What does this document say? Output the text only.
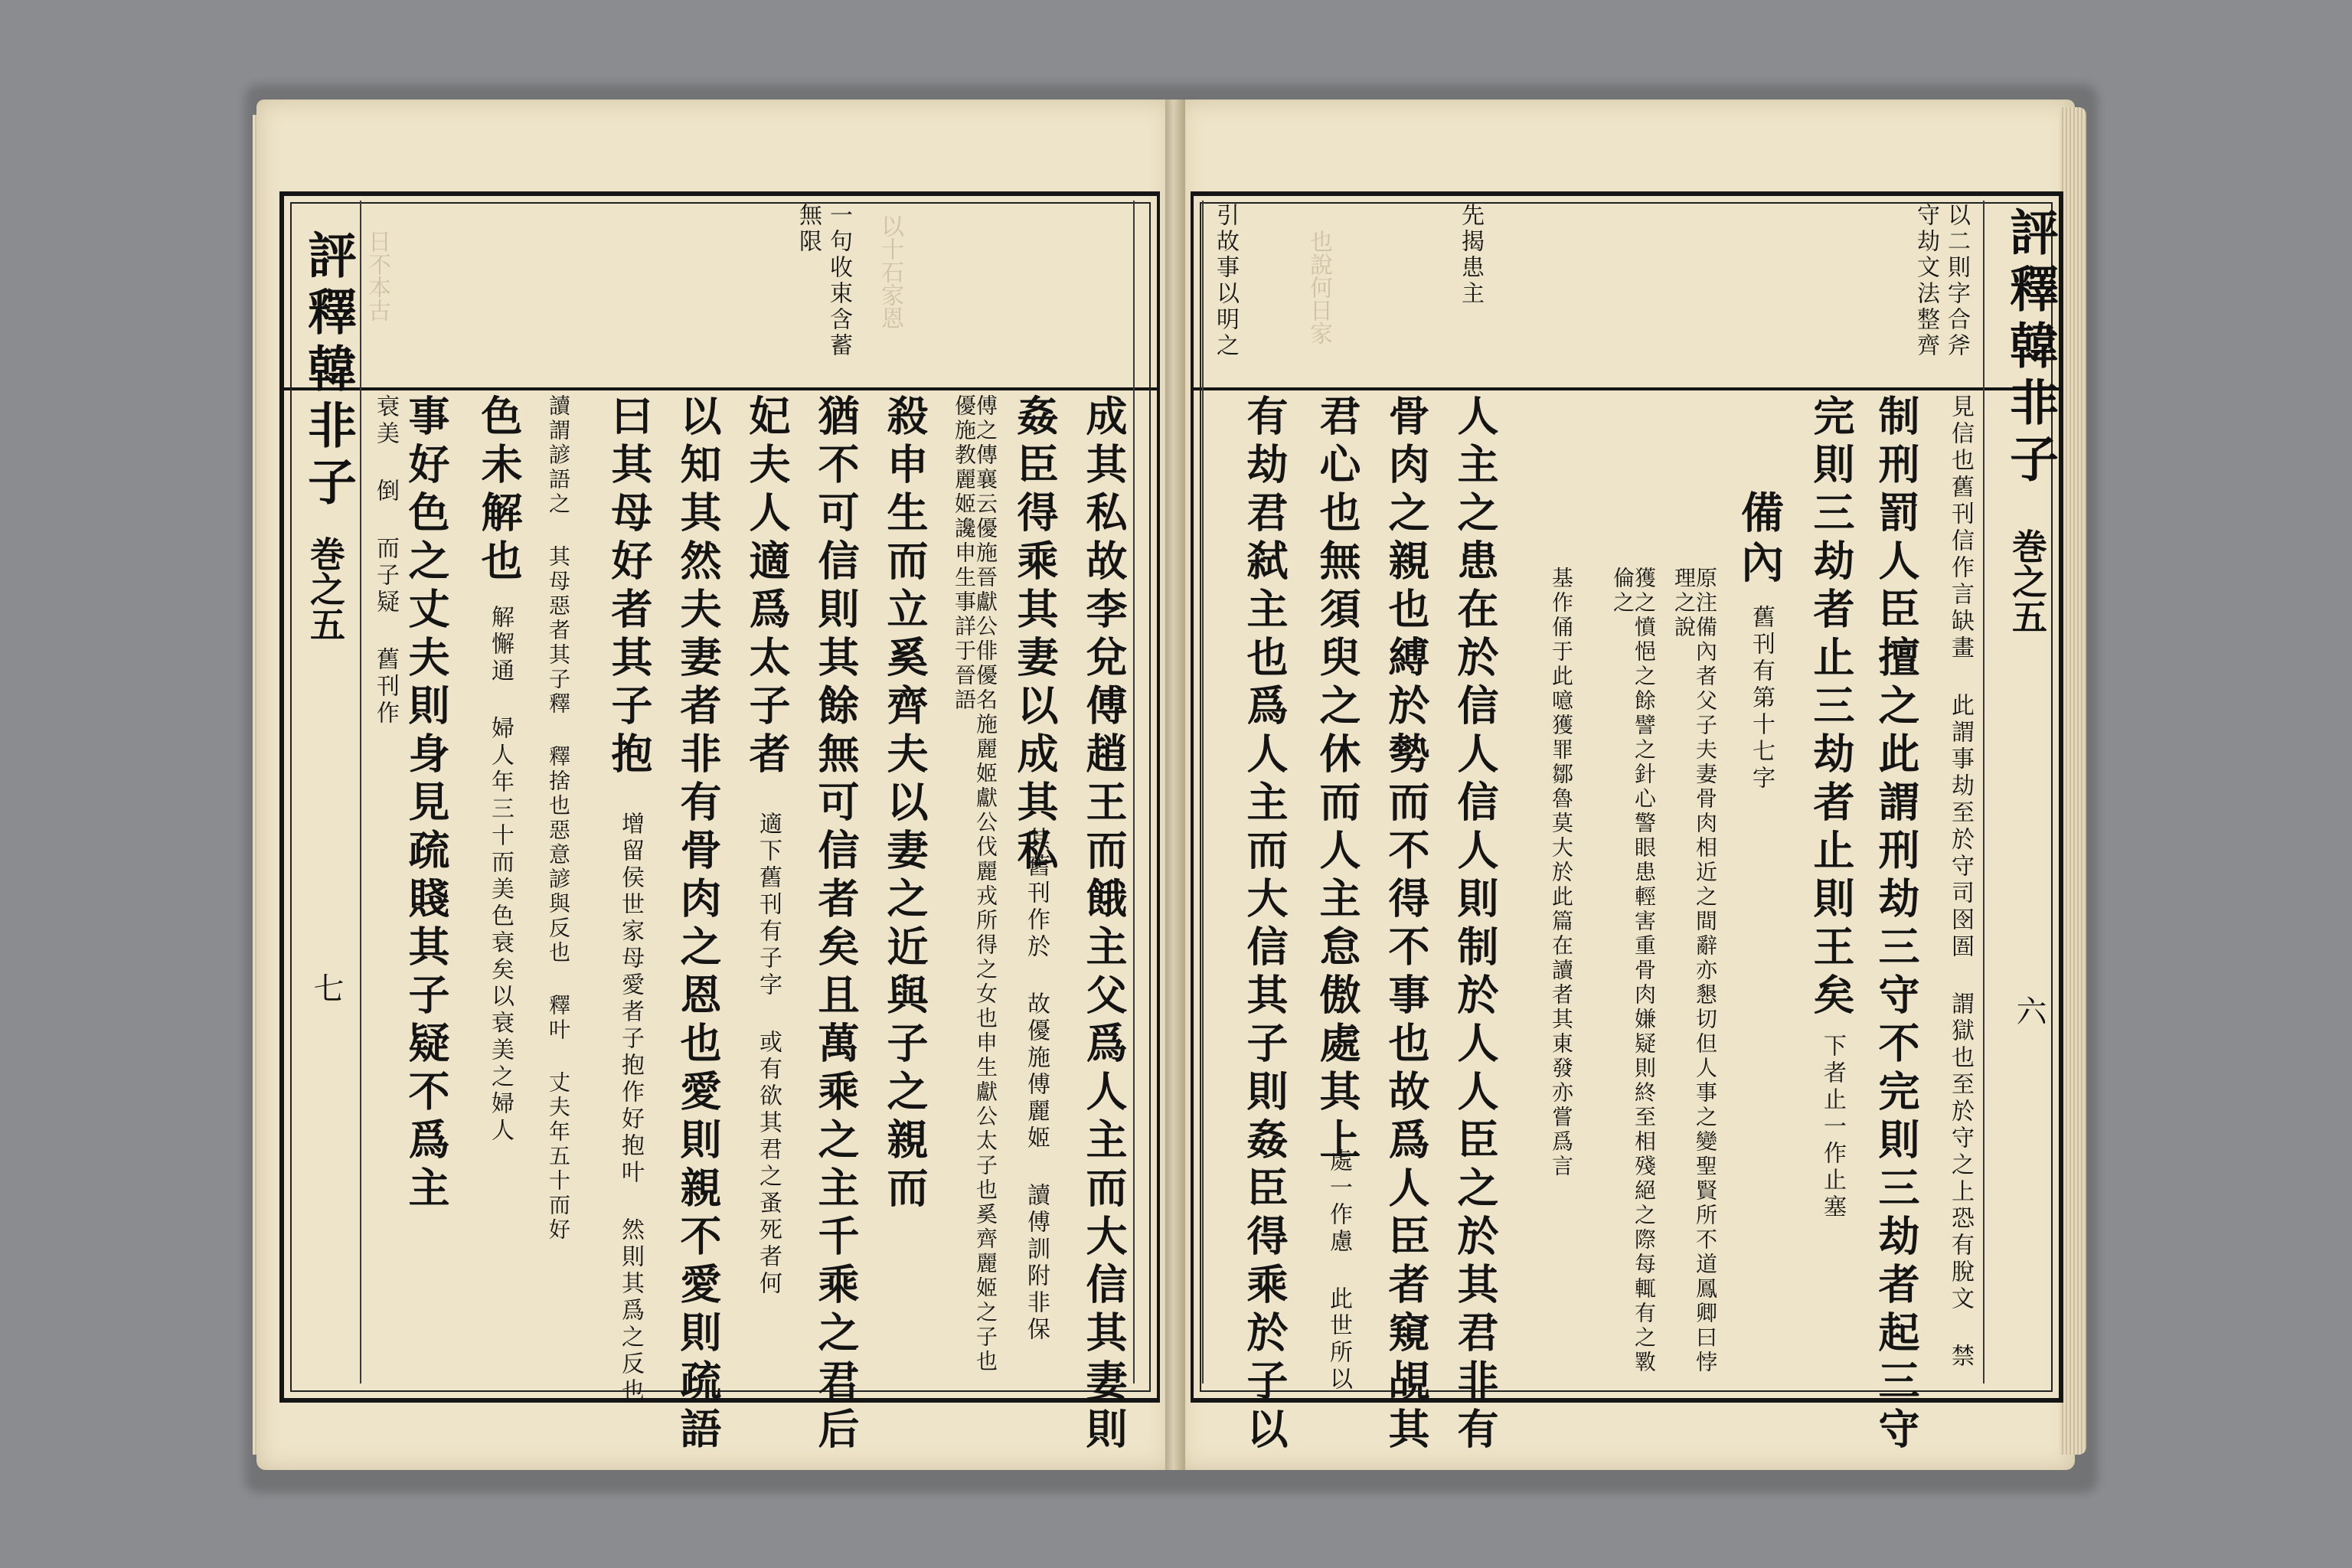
日不本古	以十石家恩	也說何日家
評釋韓非子
巻之五
七
一句收束含蓄
無限
成其私故李兌傅趙王而餓主父爲人主而大信其妻則
姦臣得乘其妻以成其私
其舊刊作於 故優施傅麗姬 讀傅訓附非保
傅之傳襄云優施晉獻公俳優名施麗姬獻公伐麗戎所得之女也申生獻公太子也奚齊麗姬之子也優施教麗姬讒申生事詳于晉語
殺申生而立奚齊夫以妻之近與子之親而
猶不可信則其餘無可信者矣且萬乘之主千乘之君后
妃夫人適爲太子者
適下舊刊有子字 或有欲其君之蚤死者何
以知其然夫妻者非有骨肉之恩也愛則親不愛則疏語
曰其母好者其子抱
增留侯世家母愛者子抱作好抱叶 然則其爲之反也
讀謂諺語之 其母惡者其子釋 釋捨也惡意諺與反也 釋叶 丈夫年五十而好
色未解也
解懈通 婦人年三十而美色衰矣以衰美之婦人
事好色之丈夫則身見疏賤其子疑不爲主
衰美 倒 而子疑 舊刊作
評釋韓非子
巻之五
六
以二則字合斧
守劫文法整齊
先揭患主
引故事以明之
見信也舊刊信作言缺畫 此謂事劫至於守司囹圄 謂獄也至於守之上恐有脫文 禁
制刑罰人臣擅之此謂刑劫三守不完則三劫者起三守
完則三劫者止三劫者止則王矣
下者止一作止塞
備內
舊刊有第十七字
原注備內者父子夫妻骨肉相近之間辭亦懇切但人事之變聖賢所不道鳳卿曰悖理之說
獲之憤悒之餘譬之針心警眼患輕害重骨肉嫌疑則終至相殘絕之際每輒有之斁倫之
基作俑于此噫獲罪鄒魯莫大於此篇在讀者其東發亦嘗爲言
人主之患在於信人信人則制於人人臣之於其君非有
骨肉之親也縛於勢而不得不事也故爲人臣者窺覘其
君心也無須臾之休而人主怠傲處其上
處一作慮 此世所以
有劫君弑主也爲人主而大信其子則姦臣得乘於子以
